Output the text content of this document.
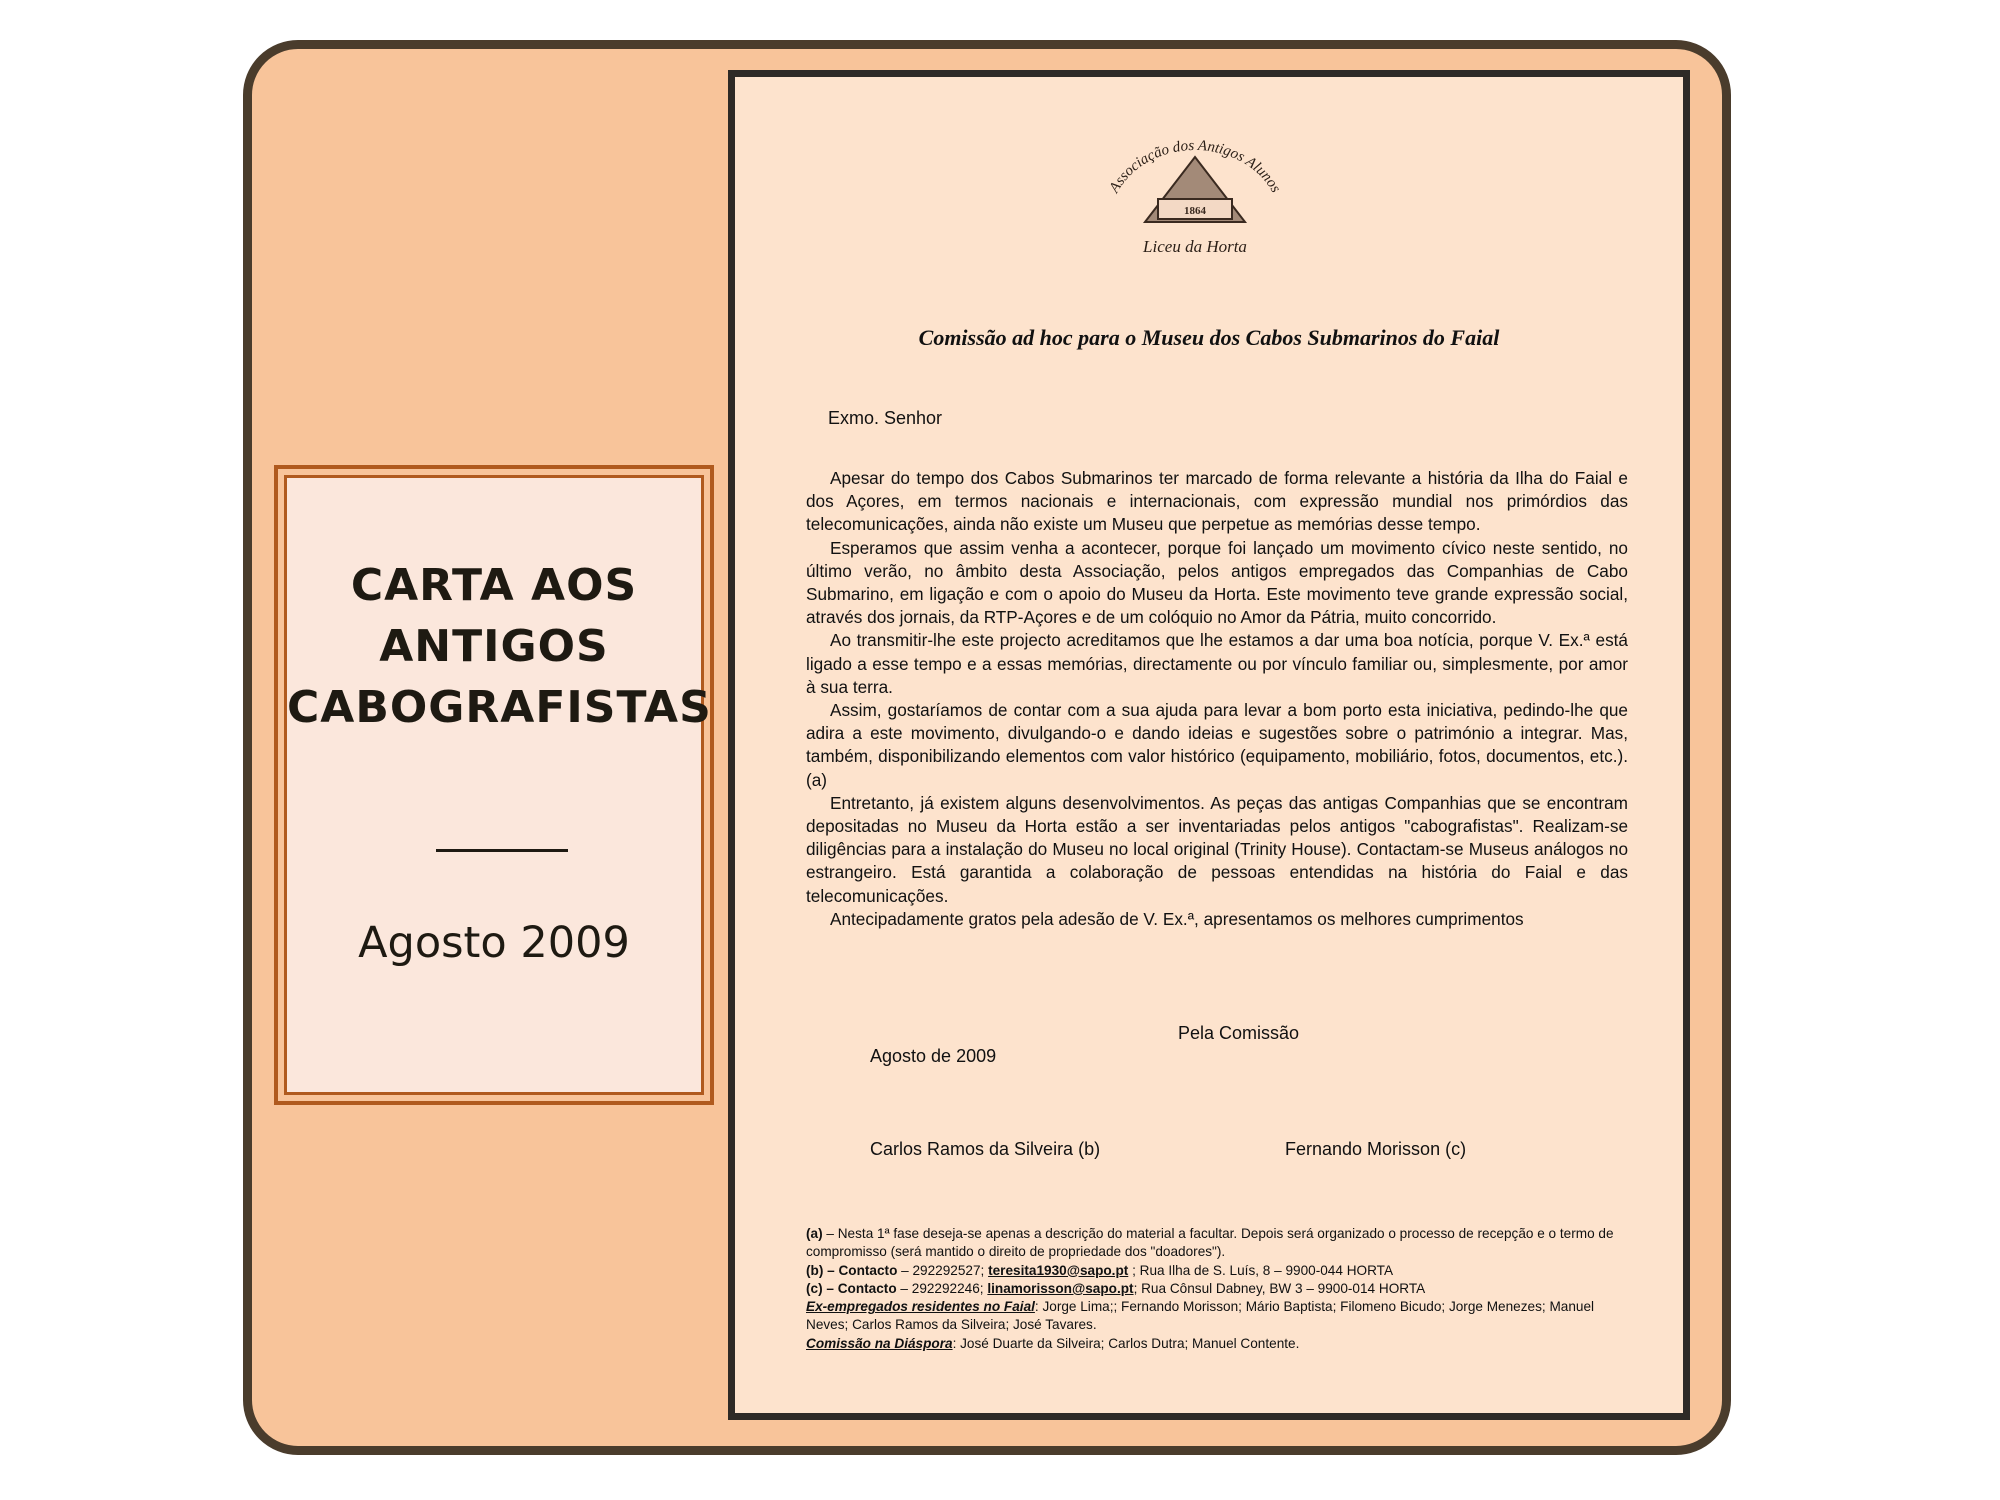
CARTA AOS
ANTIGOS
CABOGRAFISTAS
Agosto 2009
1864
Associação dos Antigos Alunos
Liceu da Horta
Comissão ad hoc para o Museu dos Cabos Submarinos do Faial
Exmo. Senhor

Apesar do tempo dos Cabos Submarinos ter marcado de forma relevante a história da Ilha do Faial e dos Açores, em termos nacionais e internacionais, com expressão mundial nos primórdios das telecomunicações, ainda não existe um Museu que perpetue as memórias desse tempo.

Esperamos que assim venha a acontecer, porque foi lançado um movimento cívico neste sentido, no último verão, no âmbito desta Associação, pelos antigos empregados das Companhias de Cabo Submarino, em ligação e com o apoio do Museu da Horta. Este movimento teve grande expressão social, através dos jornais, da RTP-Açores e de um colóquio no Amor da Pátria, muito concorrido.

Ao transmitir-lhe este projecto acreditamos que lhe estamos a dar uma boa notícia, porque V. Ex.ª está ligado a esse tempo e a essas memórias, directamente ou por vínculo familiar ou, simplesmente, por amor à sua terra.

Assim, gostaríamos de contar com a sua ajuda para levar a bom porto esta iniciativa, pedindo-lhe que adira a este movimento, divulgando-o e dando ideias e sugestões sobre o património a integrar. Mas, também, disponibilizando elementos com valor histórico (equipamento, mobiliário, fotos, documentos, etc.). (a)

Entretanto, já existem alguns desenvolvimentos. As peças das antigas Companhias que se encontram depositadas no Museu da Horta estão a ser inventariadas pelos antigos "cabografistas". Realizam-se diligências para a instalação do Museu no local original (Trinity House). Contactam-se Museus análogos no estrangeiro. Está garantida a colaboração de pessoas entendidas na história do Faial e das telecomunicações.

Antecipadamente gratos pela adesão de V. Ex.ª, apresentamos os melhores cumprimentos

Pela Comissão
Agosto de 2009
Carlos Ramos da Silveira (b)	Fernando Morisson (c)
(a) – Nesta 1ª fase deseja-se apenas a descrição do material a facultar. Depois será organizado o processo de recepção e o termo de compromisso (será mantido o direito de propriedade dos "doadores").
(b) – Contacto – 292292527; teresita1930@sapo.pt ; Rua Ilha de S. Luís, 8 – 9900-044 HORTA
(c) – Contacto – 292292246; linamorisson@sapo.pt; Rua Cônsul Dabney, BW 3 – 9900-014 HORTA
Ex-empregados residentes no Faial: Jorge Lima;; Fernando Morisson; Mário Baptista; Filomeno Bicudo; Jorge Menezes; Manuel Neves; Carlos Ramos da Silveira; José Tavares.
Comissão na Diáspora: José Duarte da Silveira; Carlos Dutra; Manuel Contente.
